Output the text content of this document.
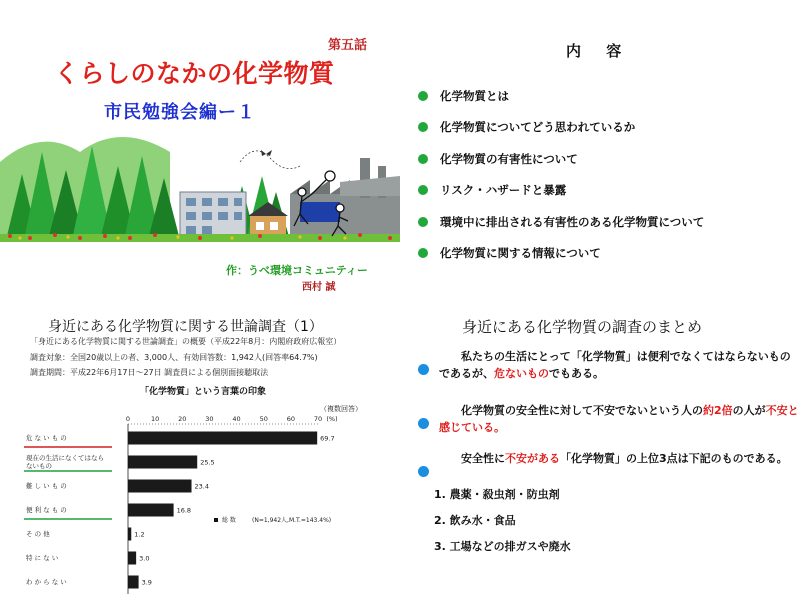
第五話
くらしのなかの化学物質
市民勉強会編ー１
作：うべ環境コミュニティー
西村 誠
内 容
化学物質とは
化学物質についてどう思われているか
化学物質の有害性について
リスク・ハザードと暴露
環境中に排出される有害性のある化学物質について
化学物質に関する情報について
身近にある化学物質に関する世論調査（1）
「身近にある化学物質に関する世論調査」の概要（平成22年8月：内閣府政府広報室）
調査対象：全国20歳以上の者、3,000人、有効回答数：1,942人(回答率64.7%)
調査期間：平成22年6月17日～27日 調査員による個別面接聴取法
「化学物質」という言葉の印象
（複数回答）
0	10	20	30	40	50	60	70 (%)
危 な い も の	69.7
現在の生活になくてはならないもの	25.5
難 し い も の	23.4
便 利 な も の	16.8
そ の 他	1.2
特 に な い	3.0
わ か ら な い	3.9
総 数	(N=1,942人,M.T.=143.4%)
身近にある化学物質の調査のまとめ

私たちの生活にとって「化学物質」は便利でなくてはならないものであるが、危ないものでもある。

化学物質の安全性に対して不安でないという人の約2倍の人が不安と感じている。

安全性に不安がある「化学物質」の上位3点は下記のものである。

1. 農薬・殺虫剤・防虫剤
2. 飲み水・食品
3. 工場などの排ガスや廃水
